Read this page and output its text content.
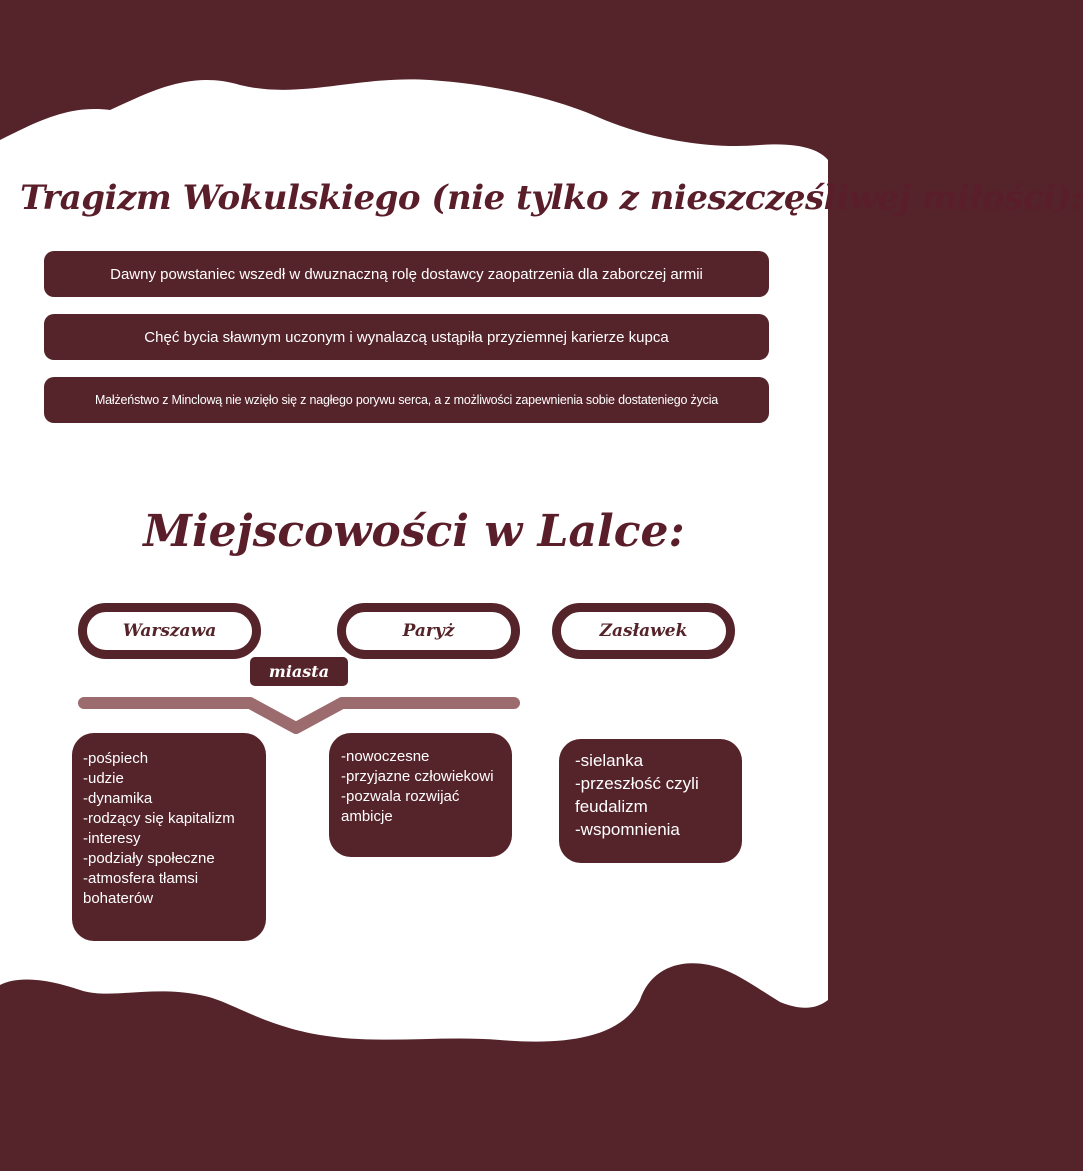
Tragizm Wokulskiego (nie tylko z nieszczęśliwej miłości):
Dawny powstaniec wszedł w dwuznaczną rolę dostawcy zaopatrzenia dla zaborczej armii
Chęć bycia sławnym uczonym i wynalazcą ustąpiła przyziemnej karierze kupca
Małżeństwo z Minclową nie wzięło się z nagłego porywu serca, a z możliwości zapewnienia sobie dostateniego życia
Miejscowości w Lalce:
Warszawa	Paryż	Zasławek
miasta
-pośpiech
-udzie
-dynamika
-rodzący się kapitalizm
-interesy
-podziały społeczne
-atmosfera tłamsi bohaterów
-nowoczesne
-przyjazne człowiekowi
-pozwala rozwijać ambicje
-sielanka
-przeszłość czyli feudalizm
-wspomnienia
